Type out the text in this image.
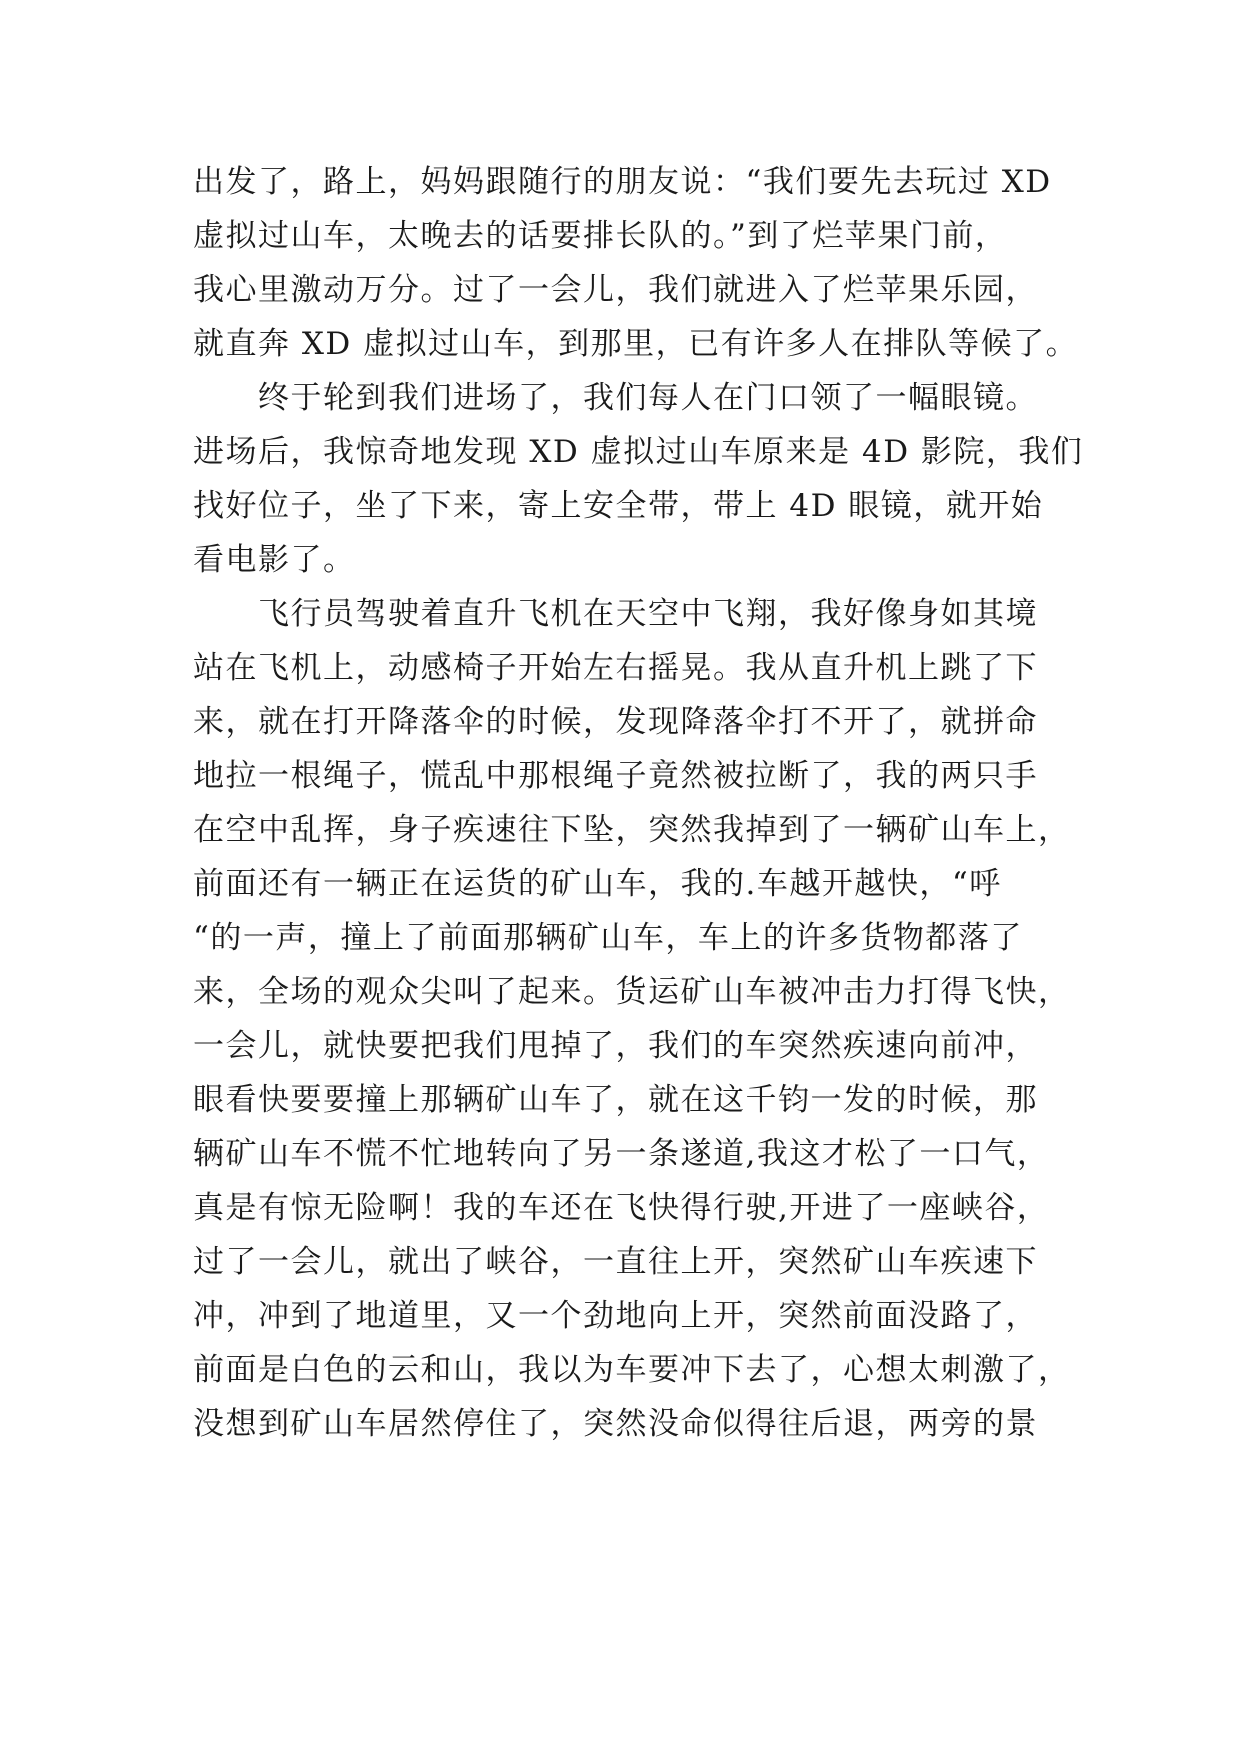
出发了，路上，妈妈跟随行的朋友说：“我们要先去玩过 XD
虚拟过山车，太晚去的话要排长队的。”到了烂苹果门前，
我心里激动万分。过了一会儿，我们就进入了烂苹果乐园，
就直奔 XD 虚拟过山车，到那里，已有许多人在排队等候了。
终于轮到我们进场了，我们每人在门口领了一幅眼镜。
进场后，我惊奇地发现 XD 虚拟过山车原来是 4D 影院，我们
找好位子，坐了下来，寄上安全带，带上 4D 眼镜，就开始
看电影了。
飞行员驾驶着直升飞机在天空中飞翔，我好像身如其境
站在飞机上，动感椅子开始左右摇晃。我从直升机上跳了下
来，就在打开降落伞的时候，发现降落伞打不开了，就拼命
地拉一根绳子，慌乱中那根绳子竟然被拉断了，我的两只手
在空中乱挥，身子疾速往下坠，突然我掉到了一辆矿山车上，
前面还有一辆正在运货的矿山车，我的.车越开越快，“呼
“的一声，撞上了前面那辆矿山车，车上的许多货物都落了
来，全场的观众尖叫了起来。货运矿山车被冲击力打得飞快，
一会儿，就快要把我们甩掉了，我们的车突然疾速向前冲，
眼看快要要撞上那辆矿山车了，就在这千钧一发的时候，那
辆矿山车不慌不忙地转向了另一条遂道,我这才松了一口气，
真是有惊无险啊！我的车还在飞快得行驶,开进了一座峡谷，
过了一会儿，就出了峡谷，一直往上开，突然矿山车疾速下
冲，冲到了地道里，又一个劲地向上开，突然前面没路了，
前面是白色的云和山，我以为车要冲下去了，心想太刺激了，
没想到矿山车居然停住了，突然没命似得往后退，两旁的景
